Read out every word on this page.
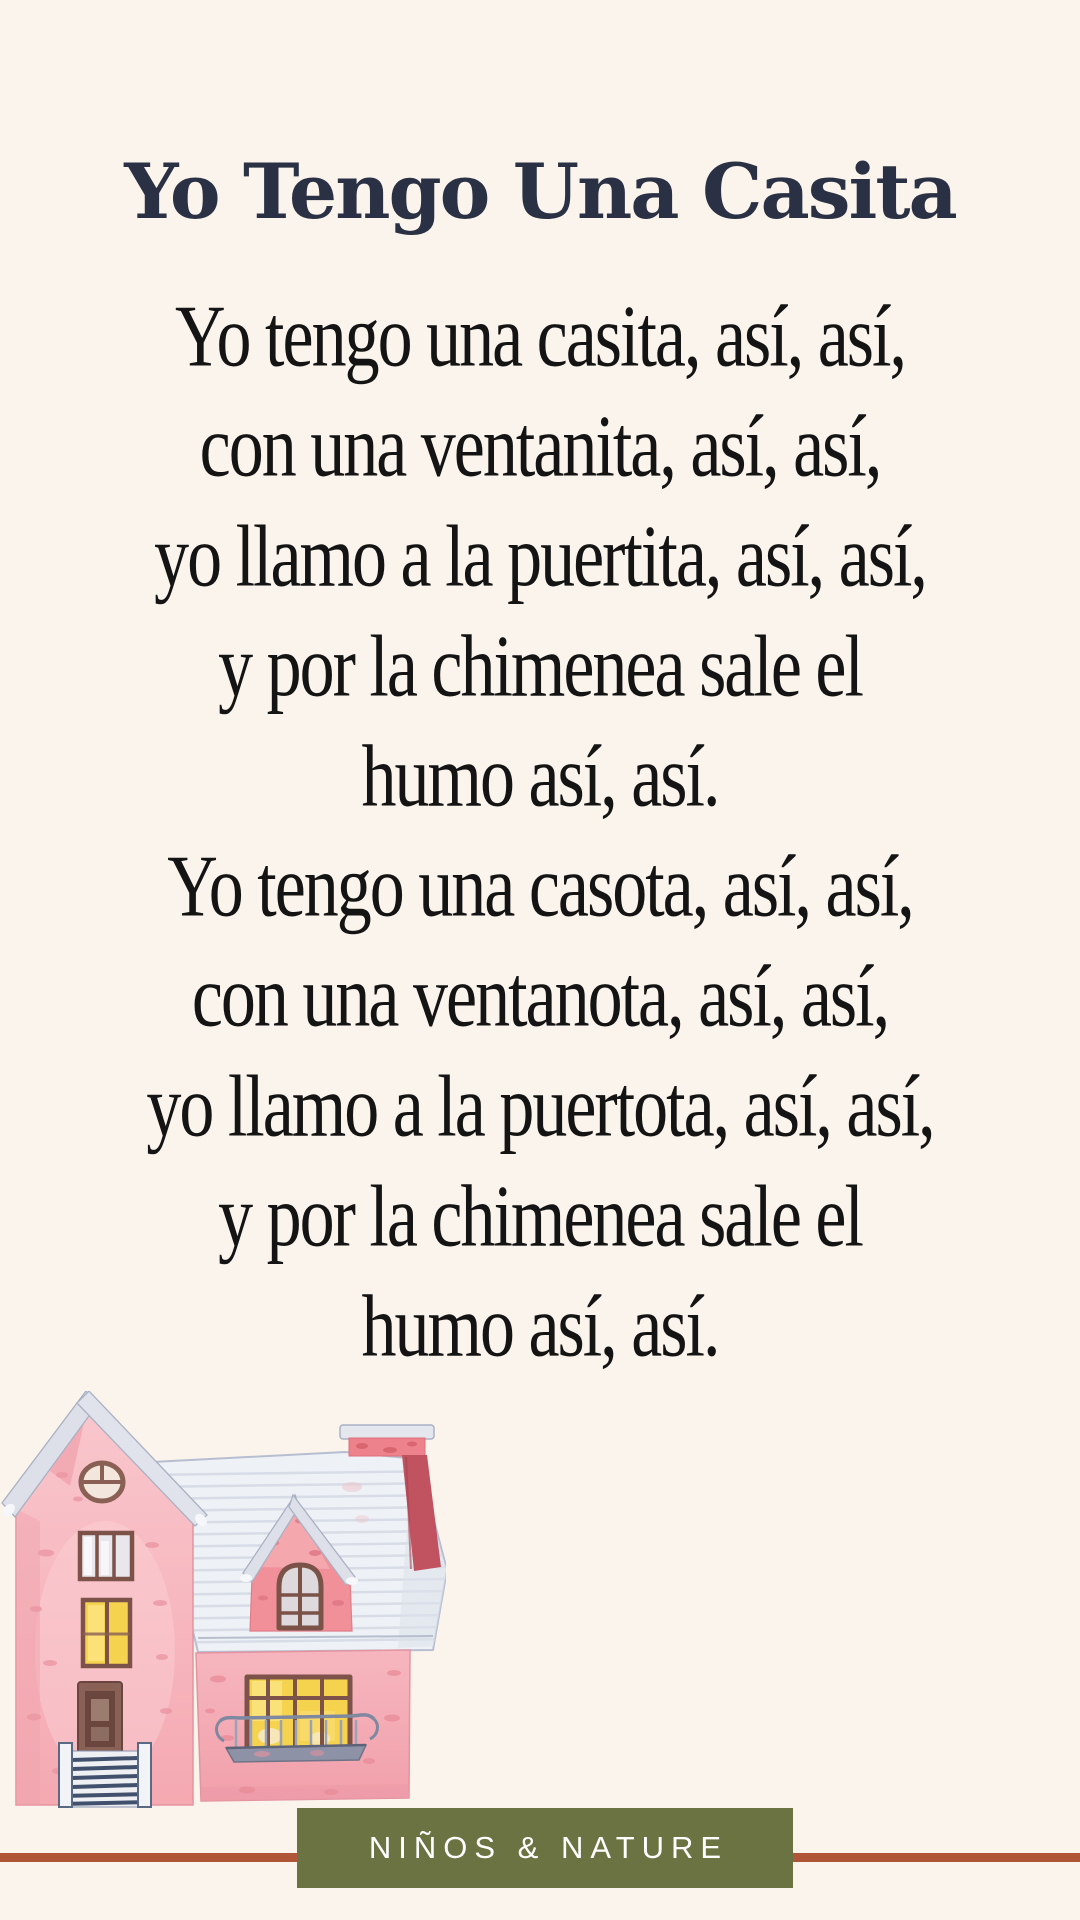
Yo Tengo Una Casita
Yo tengo una casita, así, así,
con una ventanita, así, así,
yo llamo a la puertita, así, así,
y por la chimenea sale el
humo así, así.
Yo tengo una casota, así, así,
con una ventanota, así, así,
yo llamo a la puertota, así, así,
y por la chimenea sale el
humo así, así.
NIÑOS & NATURE
